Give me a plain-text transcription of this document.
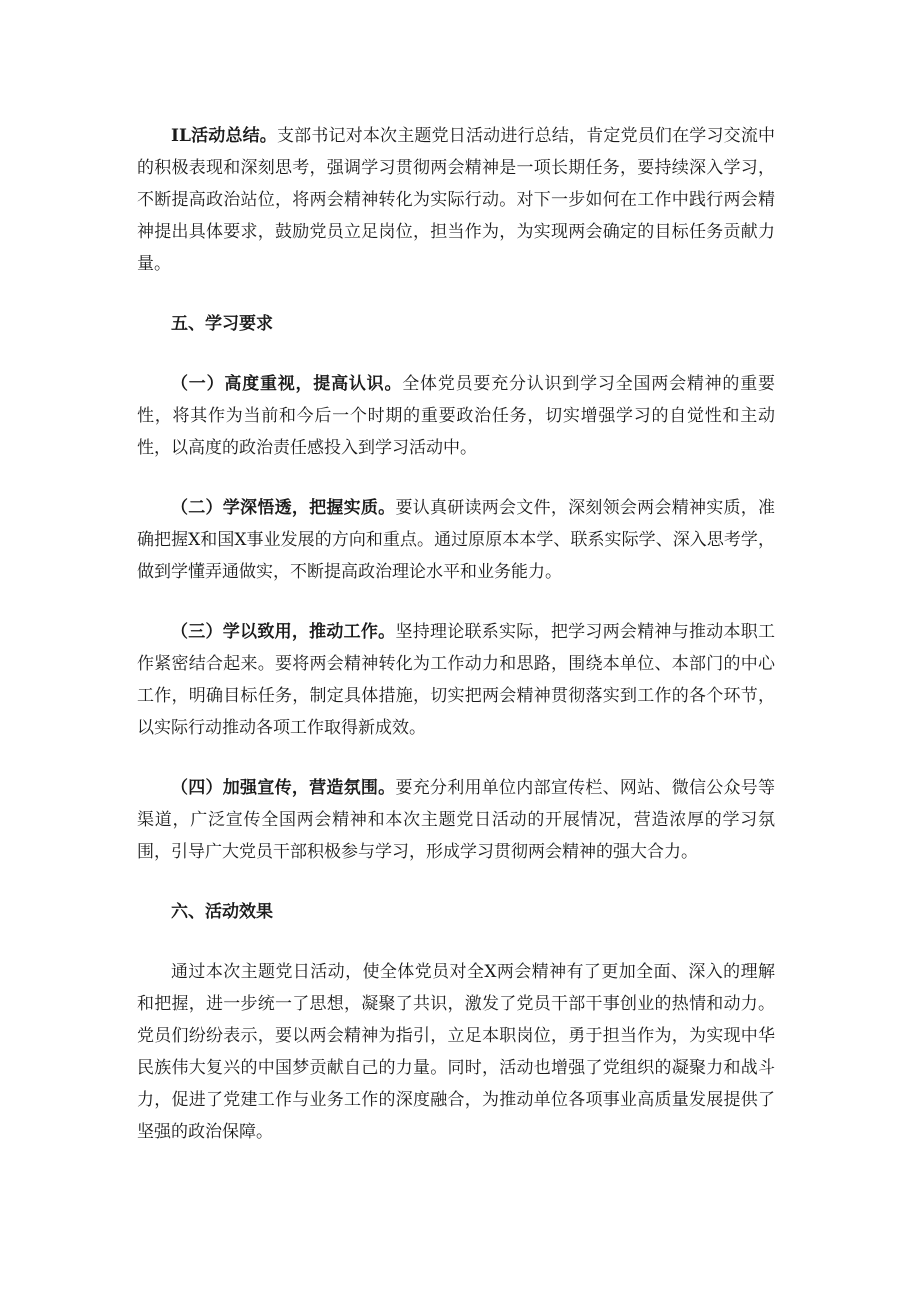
IL活动总结。支部书记对本次主题党日活动进行总结，肯定党员们在学习交流中的积极表现和深刻思考，强调学习贯彻两会精神是一项长期任务，要持续深入学习，不断提高政治站位，将两会精神转化为实际行动。对下一步如何在工作中践行两会精神提出具体要求，鼓励党员立足岗位，担当作为，为实现两会确定的目标任务贡献力量。

五、学习要求

（一）高度重视，提高认识。全体党员要充分认识到学习全国两会精神的重要性，将其作为当前和今后一个时期的重要政治任务，切实增强学习的自觉性和主动性，以高度的政治责任感投入到学习活动中。

（二）学深悟透，把握实质。要认真研读两会文件，深刻领会两会精神实质，准确把握X和国X事业发展的方向和重点。通过原原本本学、联系实际学、深入思考学，做到学懂弄通做实，不断提高政治理论水平和业务能力。

（三）学以致用，推动工作。坚持理论联系实际，把学习两会精神与推动本职工作紧密结合起来。要将两会精神转化为工作动力和思路，围绕本单位、本部门的中心工作，明确目标任务，制定具体措施，切实把两会精神贯彻落实到工作的各个环节，以实际行动推动各项工作取得新成效。

（四）加强宣传，营造氛围。要充分利用单位内部宣传栏、网站、微信公众号等渠道，广泛宣传全国两会精神和本次主题党日活动的开展情况，营造浓厚的学习氛围，引导广大党员干部积极参与学习，形成学习贯彻两会精神的强大合力。

六、活动效果

通过本次主题党日活动，使全体党员对全X两会精神有了更加全面、深入的理解和把握，进一步统一了思想，凝聚了共识，激发了党员干部干事创业的热情和动力。党员们纷纷表示，要以两会精神为指引，立足本职岗位，勇于担当作为，为实现中华民族伟大复兴的中国梦贡献自己的力量。同时，活动也增强了党组织的凝聚力和战斗力，促进了党建工作与业务工作的深度融合，为推动单位各项事业高质量发展提供了坚强的政治保障。
